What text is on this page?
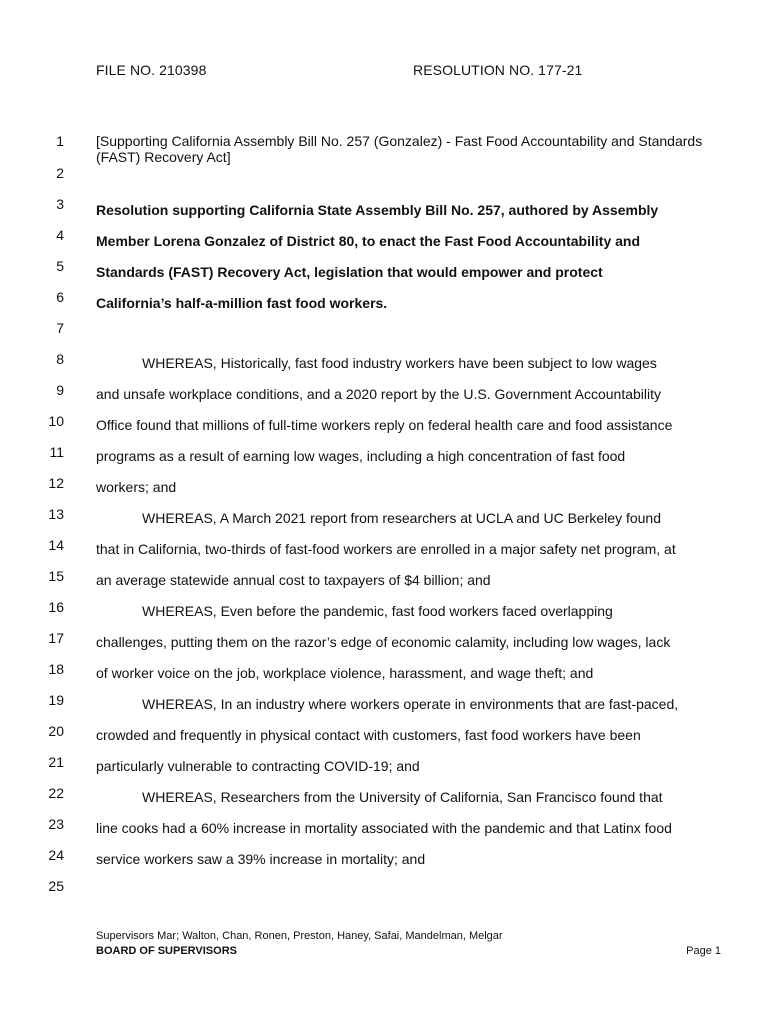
FILE NO. 210398	RESOLUTION NO. 177-21
1
2
3
4
5
6
7
8
9
10
11
12
13
14
15
16
17
18
19
20
21
22
23
24
25
[Supporting California Assembly Bill No. 257 (Gonzalez) - Fast Food Accountability and Standards (FAST) Recovery Act]
Resolution supporting California State Assembly Bill No. 257, authored by Assembly
Member Lorena Gonzalez of District 80, to enact the Fast Food Accountability and
Standards (FAST) Recovery Act, legislation that would empower and protect
California’s half-a-million fast food workers.
WHEREAS, Historically, fast food industry workers have been subject to low wages
and unsafe workplace conditions, and a 2020 report by the U.S. Government Accountability
Office found that millions of full-time workers reply on federal health care and food assistance
programs as a result of earning low wages, including a high concentration of fast food
workers; and
WHEREAS, A March 2021 report from researchers at UCLA and UC Berkeley found
that in California, two-thirds of fast-food workers are enrolled in a major safety net program, at
an average statewide annual cost to taxpayers of $4 billion; and
WHEREAS, Even before the pandemic, fast food workers faced overlapping
challenges, putting them on the razor’s edge of economic calamity, including low wages, lack
of worker voice on the job, workplace violence, harassment, and wage theft; and
WHEREAS, In an industry where workers operate in environments that are fast-paced,
crowded and frequently in physical contact with customers, fast food workers have been
particularly vulnerable to contracting COVID-19; and
WHEREAS, Researchers from the University of California, San Francisco found that
line cooks had a 60% increase in mortality associated with the pandemic and that Latinx food
service workers saw a 39% increase in mortality; and
Supervisors Mar; Walton, Chan, Ronen, Preston, Haney, Safai, Mandelman, Melgar
BOARD OF SUPERVISORS	Page 1
